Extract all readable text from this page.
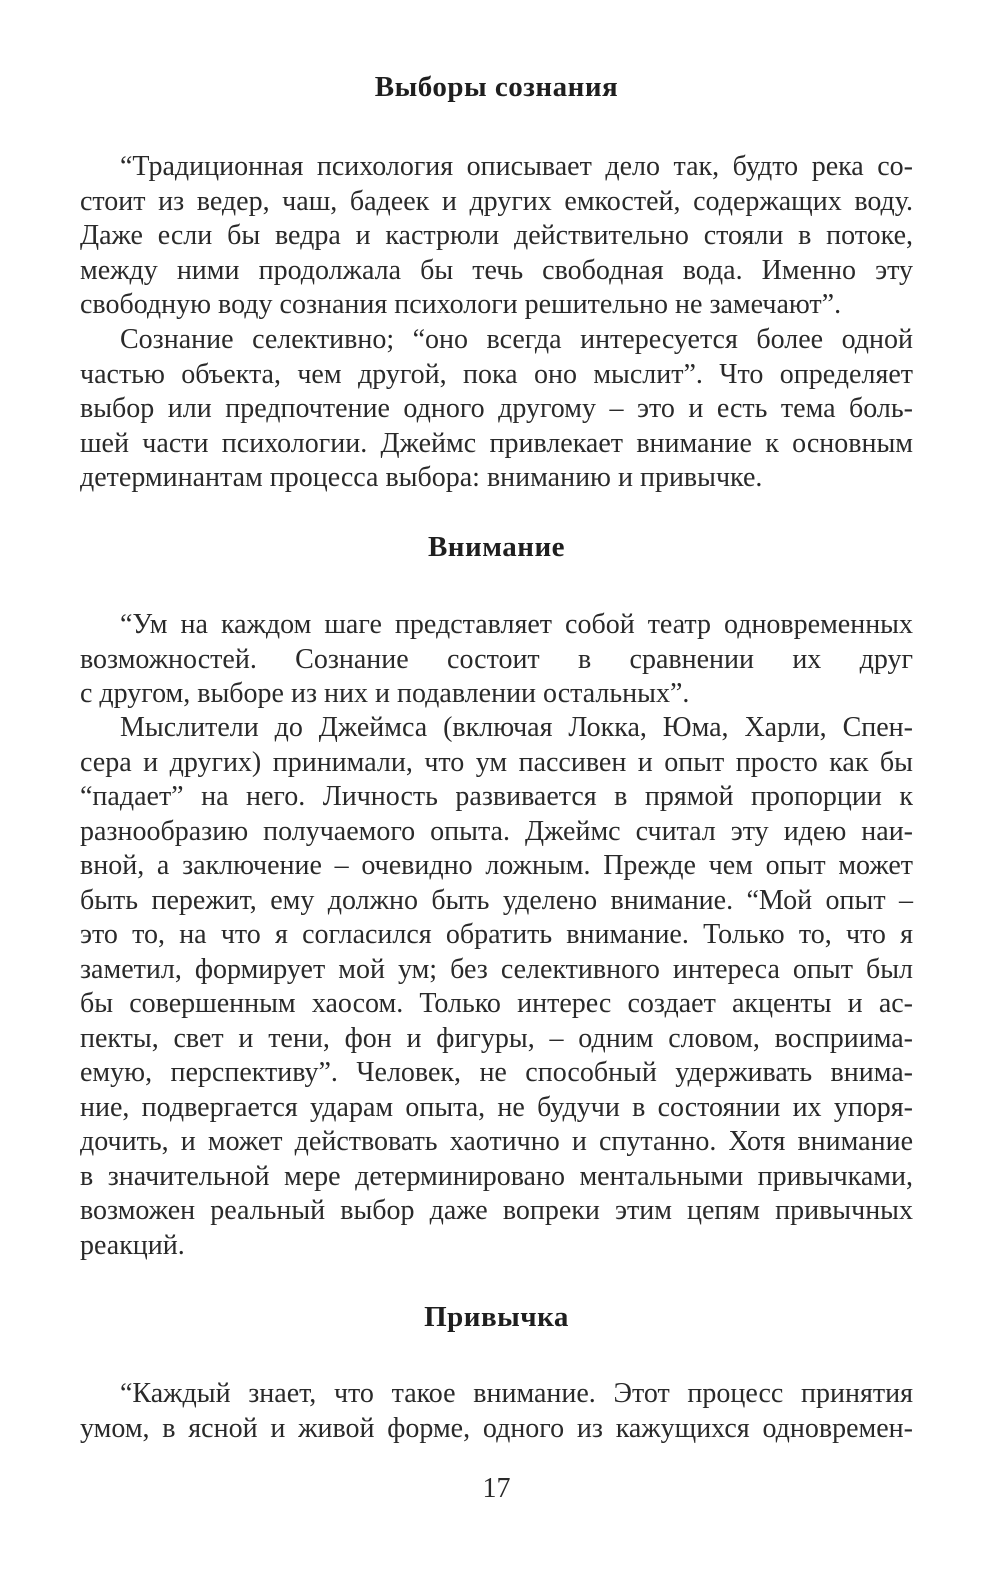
Выборы сознания

“Традиционная психология описывает дело так, будто река со-
стоит из ведер, чаш, бадеек и других емкостей, содержащих воду.
Даже если бы ведра и кастрюли действительно стояли в потоке,
между ними продолжала бы течь свободная вода. Именно эту
свободную воду сознания психологи решительно не замечают”.

Сознание селективно; “оно всегда интересуется более одной
частью объекта, чем другой, пока оно мыслит”. Что определяет
выбор или предпочтение одного другому – это и есть тема боль-
шей части психологии. Джеймс привлекает внимание к основным
детерминантам процесса выбора: вниманию и привычке.

Внимание

“Ум на каждом шаге представляет собой театр одновременных
возможностей. Сознание состоит в сравнении их друг
с другом, выборе из них и подавлении остальных”.

Мыслители до Джеймса (включая Локка, Юма, Харли, Спен-
сера и других) принимали, что ум пассивен и опыт просто как бы
“падает” на него. Личность развивается в прямой пропорции к
разнообразию получаемого опыта. Джеймс считал эту идею наи-
вной, а заключение – очевидно ложным. Прежде чем опыт может
быть пережит, ему должно быть уделено внимание. “Мой опыт –
это то, на что я согласился обратить внимание. Только то, что я
заметил, формирует мой ум; без селективного интереса опыт был
бы совершенным хаосом. Только интерес создает акценты и ас-
пекты, свет и тени, фон и фигуры, – одним словом, восприима-
емую, перспективу”. Человек, не способный удерживать внима-
ние, подвергается ударам опыта, не будучи в состоянии их упоря-
дочить, и может действовать хаотично и спутанно. Хотя внимание
в значительной мере детерминировано ментальными привычками,
возможен реальный выбор даже вопреки этим цепям привычных
реакций.

Привычка

“Каждый знает, что такое внимание. Этот процесс принятия
умом, в ясной и живой форме, одного из кажущихся одновремен-

17
